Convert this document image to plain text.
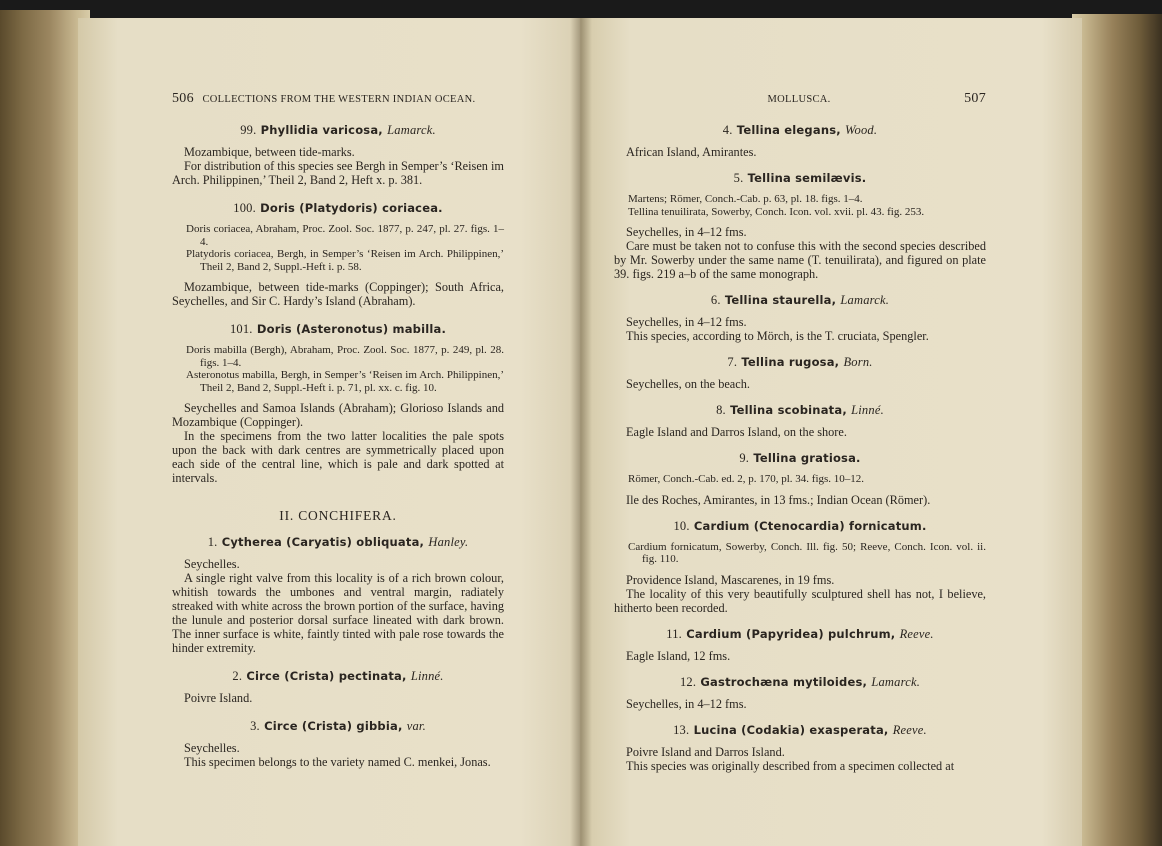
506 COLLECTIONS FROM THE WESTERN INDIAN OCEAN.
99. Phyllidia varicosa, Lamarck.

Mozambique, between tide-marks.

For distribution of this species see Bergh in Semper’s ‘Reisen im Arch. Philippinen,’ Theil 2, Band 2, Heft x. p. 381.

100. Doris (Platydoris) coriacea.

Doris coriacea, Abraham, Proc. Zool. Soc. 1877, p. 247, pl. 27. figs. 1–4.

Platydoris coriacea, Bergh, in Semper’s ‘Reisen im Arch. Philippinen,’ Theil 2, Band 2, Suppl.-Heft i. p. 58.

Mozambique, between tide-marks (Coppinger); South Africa, Seychelles, and Sir C. Hardy’s Island (Abraham).

101. Doris (Asteronotus) mabilla.

Doris mabilla (Bergh), Abraham, Proc. Zool. Soc. 1877, p. 249, pl. 28. figs. 1–4.

Asteronotus mabilla, Bergh, in Semper’s ‘Reisen im Arch. Philippinen,’ Theil 2, Band 2, Suppl.-Heft i. p. 71, pl. xx. c. fig. 10.

Seychelles and Samoa Islands (Abraham); Glorioso Islands and Mozambique (Coppinger).

In the specimens from the two latter localities the pale spots upon the back with dark centres are symmetrically placed upon each side of the central line, which is pale and dark spotted at intervals.

II. CONCHIFERA.
1. Cytherea (Caryatis) obliquata, Hanley.

Seychelles.

A single right valve from this locality is of a rich brown colour, whitish towards the umbones and ventral margin, radiately streaked with white across the brown portion of the surface, having the lunule and posterior dorsal surface lineated with dark brown. The inner surface is white, faintly tinted with pale rose towards the hinder extremity.

2. Circe (Crista) pectinata, Linné.

Poivre Island.

3. Circe (Crista) gibbia, var.

Seychelles.

This specimen belongs to the variety named C. menkei, Jonas.

MOLLUSCA.	507
4. Tellina elegans, Wood.

African Island, Amirantes.

5. Tellina semilævis.

Martens; Römer, Conch.-Cab. p. 63, pl. 18. figs. 1–4.

Tellina tenuilirata, Sowerby, Conch. Icon. vol. xvii. pl. 43. fig. 253.

Seychelles, in 4–12 fms.

Care must be taken not to confuse this with the second species described by Mr. Sowerby under the same name (T. tenuilirata), and figured on plate 39. figs. 219 a–b of the same monograph.

6. Tellina staurella, Lamarck.

Seychelles, in 4–12 fms.

This species, according to Mörch, is the T. cruciata, Spengler.

7. Tellina rugosa, Born.

Seychelles, on the beach.

8. Tellina scobinata, Linné.

Eagle Island and Darros Island, on the shore.

9. Tellina gratiosa.

Römer, Conch.-Cab. ed. 2, p. 170, pl. 34. figs. 10–12.

Ile des Roches, Amirantes, in 13 fms.; Indian Ocean (Römer).

10. Cardium (Ctenocardia) fornicatum.

Cardium fornicatum, Sowerby, Conch. Ill. fig. 50; Reeve, Conch. Icon. vol. ii. fig. 110.

Providence Island, Mascarenes, in 19 fms.

The locality of this very beautifully sculptured shell has not, I believe, hitherto been recorded.

11. Cardium (Papyridea) pulchrum, Reeve.

Eagle Island, 12 fms.

12. Gastrochæna mytiloides, Lamarck.

Seychelles, in 4–12 fms.

13. Lucina (Codakia) exasperata, Reeve.

Poivre Island and Darros Island.

This species was originally described from a specimen collected at
